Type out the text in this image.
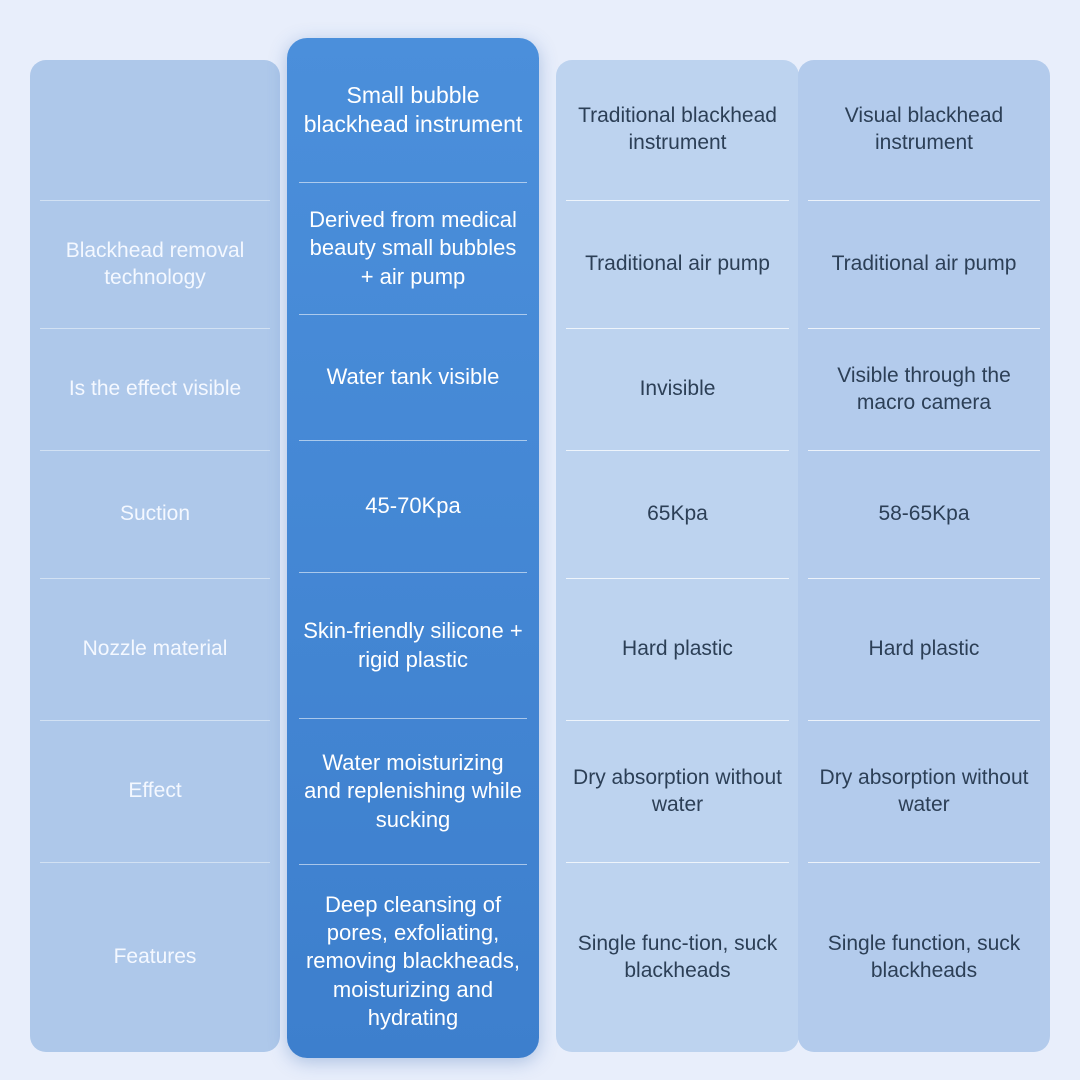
Blackhead removal technology
Is the effect visible
Suction
Nozzle material
Effect
Features
Small bubble blackhead instrument
Derived from medical beauty small bubbles + air pump
Water tank visible
45-70Kpa
Skin-friendly silicone + rigid plastic
Water moisturizing and replenishing while sucking
Deep cleansing of pores, exfoliating, removing blackheads, moisturizing and hydrating
Traditional blackhead instrument
Traditional air pump
Invisible
65Kpa
Hard plastic
Dry absorption without water
Single func-tion, suck blackheads
Visual blackhead instrument
Traditional air pump
Visible through the macro camera
58-65Kpa
Hard plastic
Dry absorption without water
Single function, suck blackheads
